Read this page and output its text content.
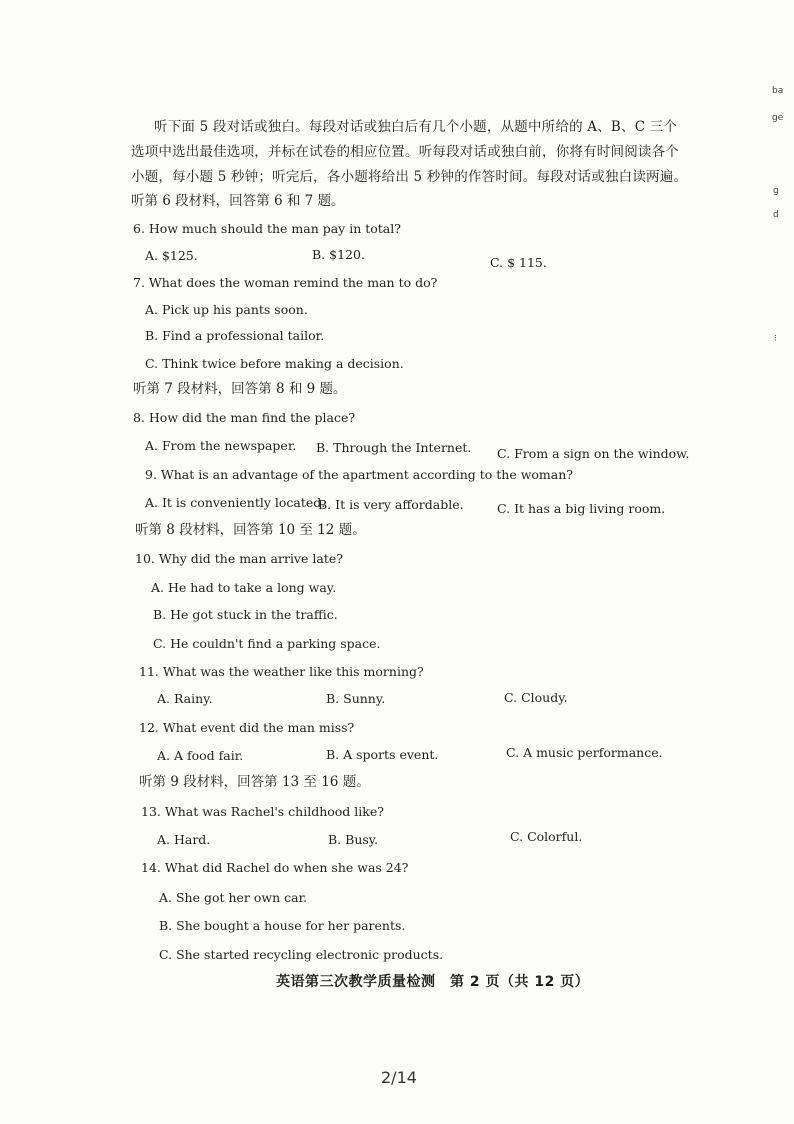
ba
ge
g
d
⁝
听下面 5 段对话或独白。每段对话或独白后有几个小题，从题中所给的 A、B、C 三个
选项中选出最佳选项，并标在试卷的相应位置。听每段对话或独白前，你将有时间阅读各个
小题，每小题 5 秒钟；听完后，各小题将给出 5 秒钟的作答时间。每段对话或独白读两遍。
听第 6 段材料，回答第 6 和 7 题。
6. How much should the man pay in total?
A. $125.	B. $120.
C. $ 115.
7. What does the woman remind the man to do?
A. Pick up his pants soon.
B. Find a professional tailor.
C. Think twice before making a decision.
听第 7 段材料，回答第 8 和 9 题。
8. How did the man find the place?
A. From the newspaper. B. Through the Internet. C. From a sign on the window.
9. What is an advantage of the apartment according to the woman?
A. It is conveniently located.
B. It is very affordable.	C. It has a big living room.
听第 8 段材料，回答第 10 至 12 题。
10. Why did the man arrive late?
A. He had to take a long way.
B. He got stuck in the traffic.
C. He couldn't find a parking space.
11. What was the weather like this morning?
A. Rainy.	B. Sunny.	C. Cloudy.
12. What event did the man miss?
A. A food fair.	B. A sports event.	C. A music performance.
听第 9 段材料，回答第 13 至 16 题。
13. What was Rachel's childhood like?
A. Hard.	B. Busy.	C. Colorful.
14. What did Rachel do when she was 24?
A. She got her own car.
B. She bought a house for her parents.
C. She started recycling electronic products.
英语第三次教学质量检测　第 2 页（共 12 页）
2/14
